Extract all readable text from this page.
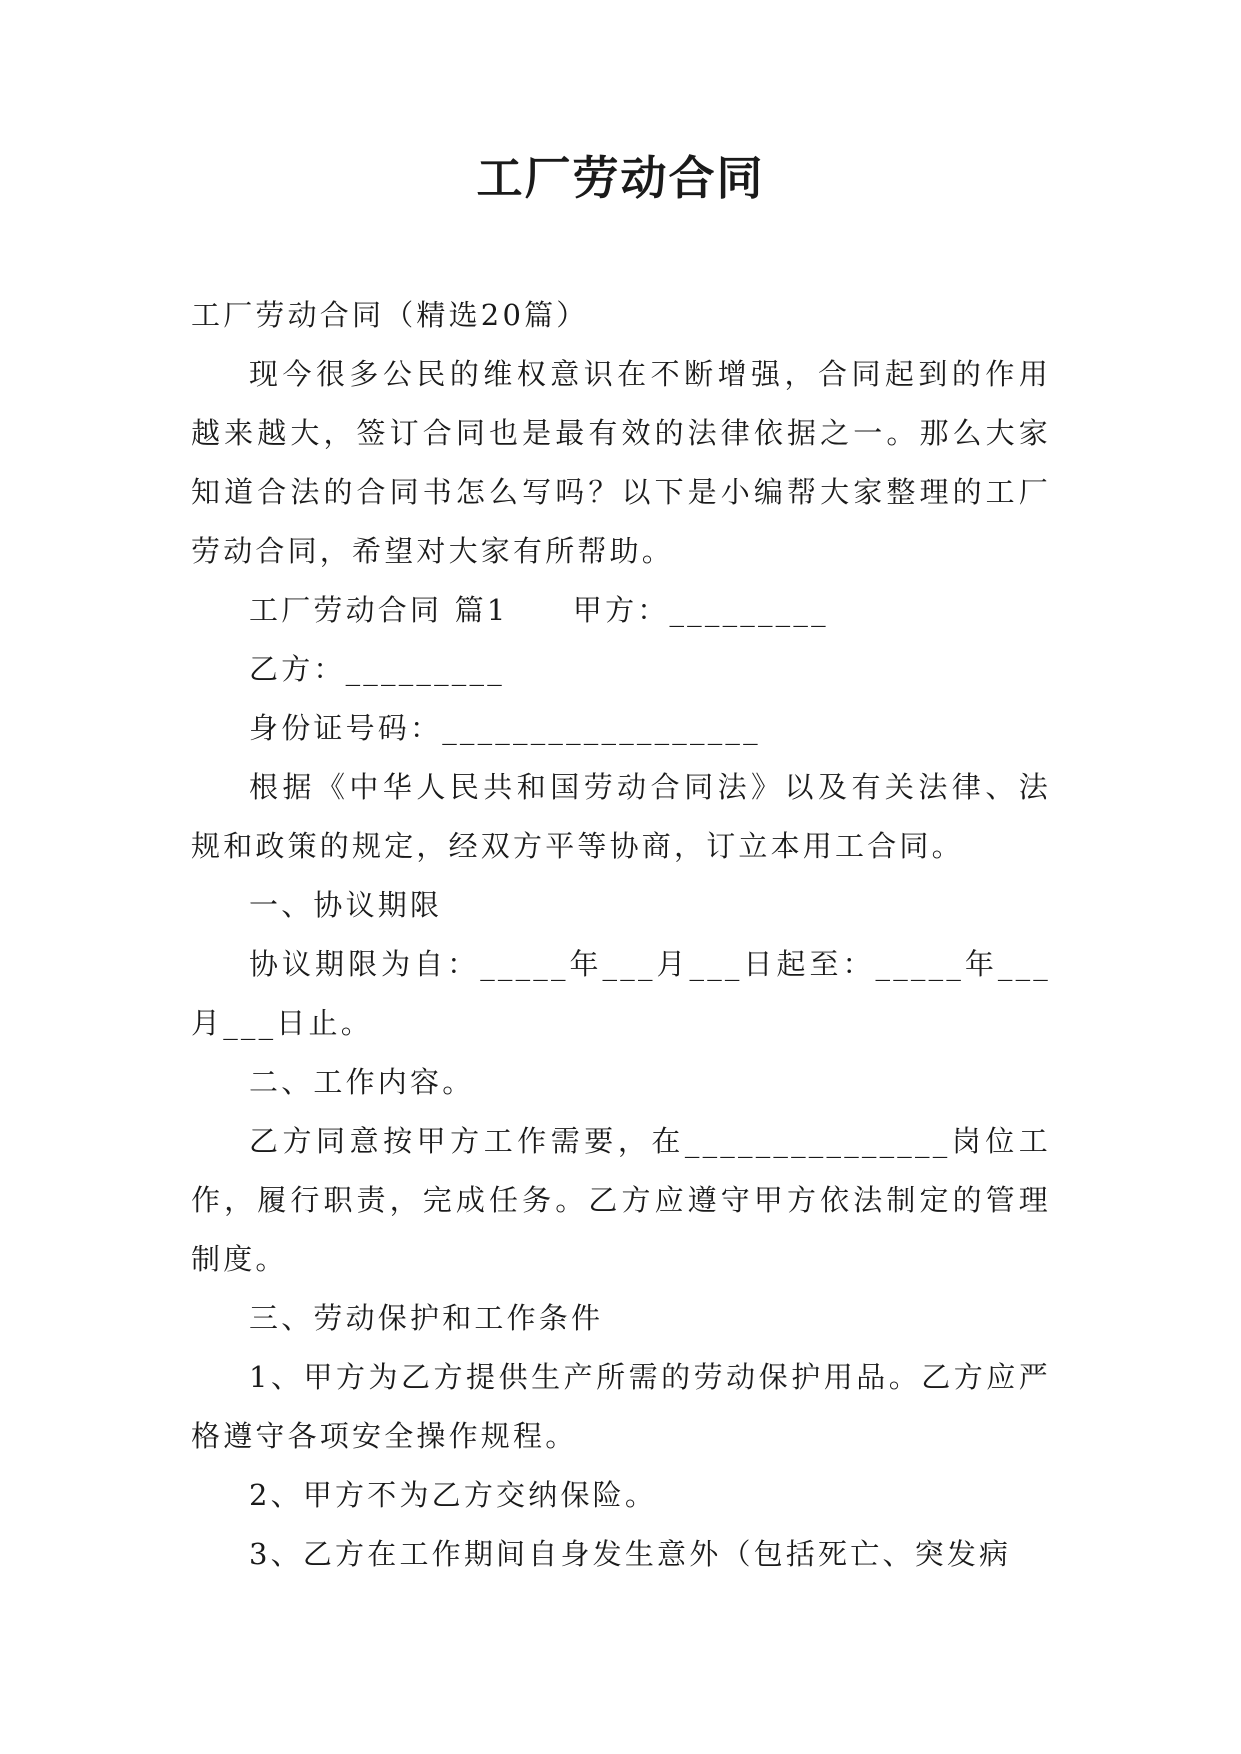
工厂劳动合同

工厂劳动合同（精选20篇）

现今很多公民的维权意识在不断增强，合同起到的作用越来越大，签订合同也是最有效的法律依据之一。那么大家知道合法的合同书怎么写吗？以下是小编帮大家整理的工厂劳动合同，希望对大家有所帮助。

工厂劳动合同 篇1　　甲方：_________

乙方：_________

身份证号码：__________________

根据《中华人民共和国劳动合同法》以及有关法律、法规和政策的规定，经双方平等协商，订立本用工合同。

一、协议期限

协议期限为自：_____年___月___日起至：_____年___月___日止。

二、工作内容。

乙方同意按甲方工作需要，在_______________岗位工作，履行职责，完成任务。乙方应遵守甲方依法制定的管理制度。

三、劳动保护和工作条件

1、甲方为乙方提供生产所需的劳动保护用品。乙方应严格遵守各项安全操作规程。

2、甲方不为乙方交纳保险。

3、乙方在工作期间自身发生意外（包括死亡、突发病
